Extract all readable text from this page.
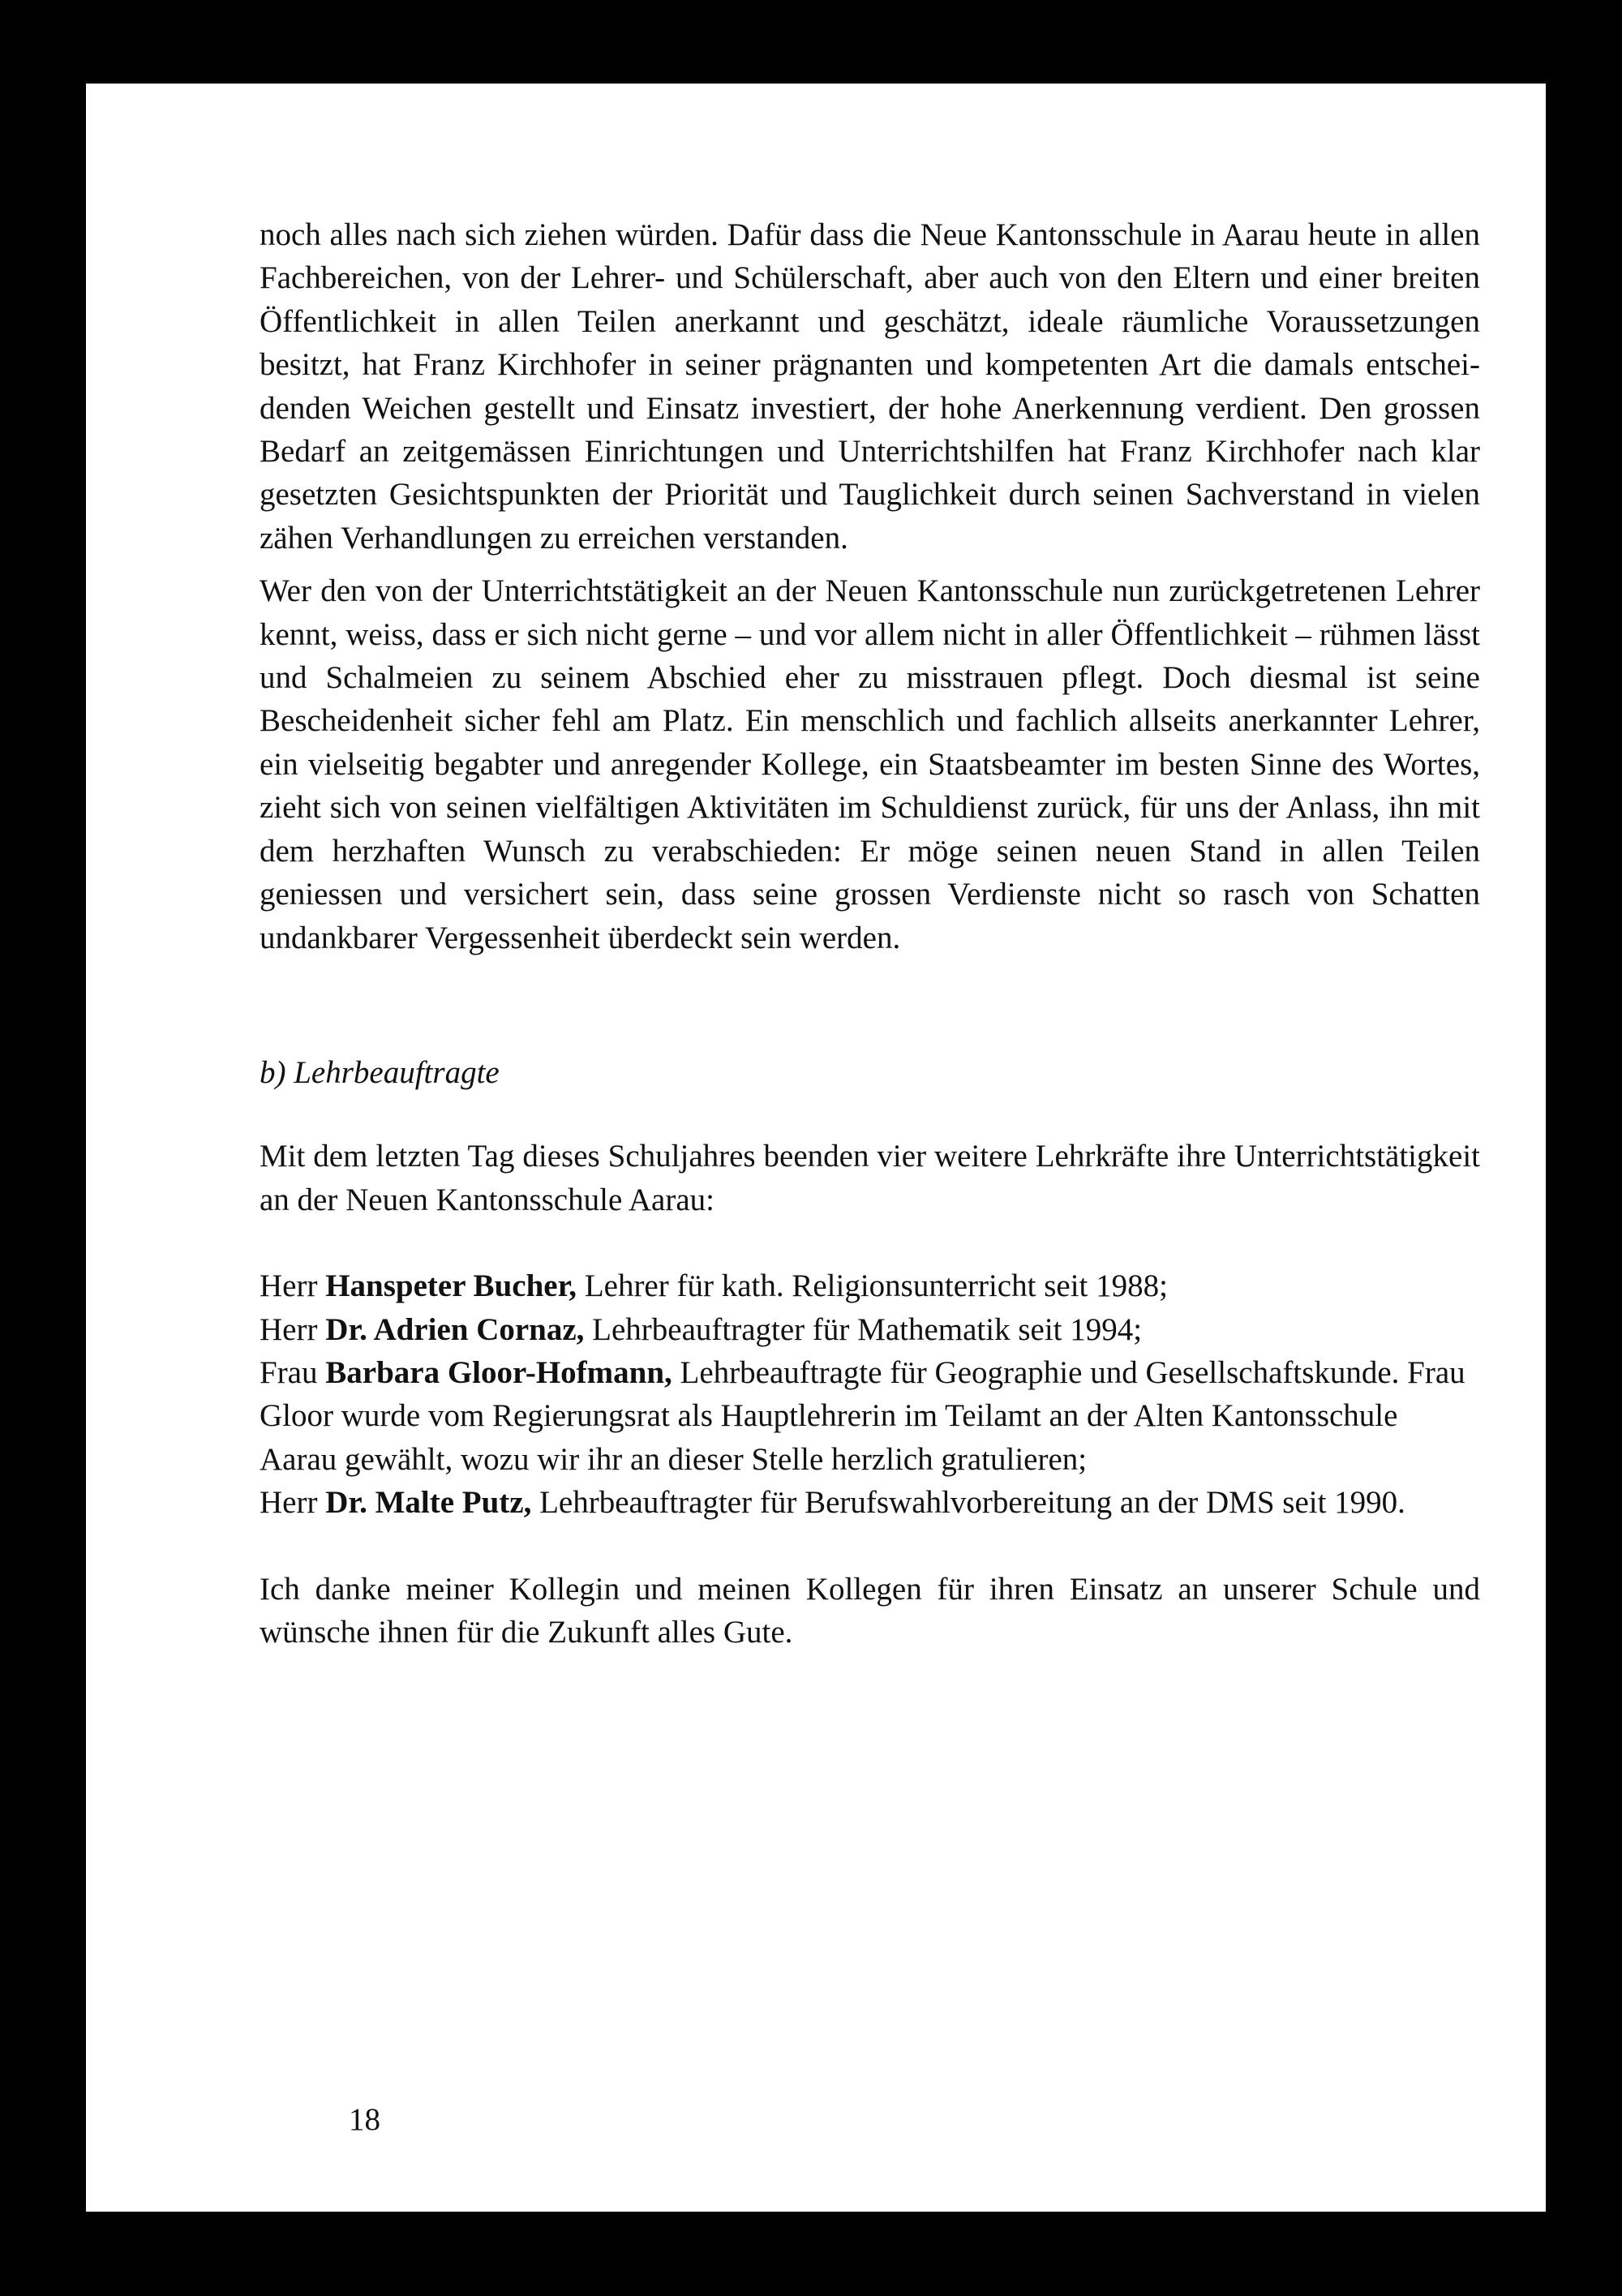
noch alles nach sich ziehen würden. Dafür dass die Neue Kantonsschule in Aarau heute in allen Fachbereichen, von der Lehrer- und Schülerschaft, aber auch von den Eltern und einer breiten Öffentlichkeit in allen Teilen anerkannt und geschätzt, ideale räumliche Voraussetzungen besitzt, hat Franz Kirchhofer in seiner prägnanten und kompetenten Art die damals entscheidenden Weichen gestellt und Einsatz investiert, der hohe Anerkennung verdient. Den grossen Bedarf an zeitgemässen Einrichtungen und Unterrichtshilfen hat Franz Kirchhofer nach klar gesetzten Gesichtspunkten der Priorität und Tauglichkeit durch seinen Sachverstand in vielen zähen Verhandlungen zu erreichen verstanden.

Wer den von der Unterrichtstätigkeit an der Neuen Kantonsschule nun zurückgetretenen Lehrer kennt, weiss, dass er sich nicht gerne – und vor allem nicht in aller Öffentlichkeit – rühmen lässt und Schalmeien zu seinem Abschied eher zu misstrauen pflegt. Doch diesmal ist seine Bescheidenheit sicher fehl am Platz. Ein menschlich und fachlich allseits anerkannter Lehrer, ein vielseitig begabter und anregender Kollege, ein Staatsbeamter im besten Sinne des Wortes, zieht sich von seinen vielfältigen Aktivitäten im Schuldienst zurück, für uns der Anlass, ihn mit dem herzhaften Wunsch zu verabschieden: Er möge seinen neuen Stand in allen Teilen geniessen und versichert sein, dass seine grossen Verdienste nicht so rasch von Schatten undankbarer Vergessenheit überdeckt sein werden.

b) Lehrbeauftragte

Mit dem letzten Tag dieses Schuljahres beenden vier weitere Lehrkräfte ihre Unterrichtstätigkeit an der Neuen Kantonsschule Aarau:

Herr Hanspeter Bucher, Lehrer für kath. Religionsunterricht seit 1988;
Herr Dr. Adrien Cornaz, Lehrbeauftragter für Mathematik seit 1994;
Frau Barbara Gloor-Hofmann, Lehrbeauftragte für Geographie und Gesellschaftskunde. Frau Gloor wurde vom Regierungsrat als Hauptlehrerin im Teilamt an der Alten Kantonsschule Aarau gewählt, wozu wir ihr an dieser Stelle herzlich gratulieren;
Herr Dr. Malte Putz, Lehrbeauftragter für Berufswahlvorbereitung an der DMS seit 1990.

Ich danke meiner Kollegin und meinen Kollegen für ihren Einsatz an unserer Schule und wünsche ihnen für die Zukunft alles Gute.

18
